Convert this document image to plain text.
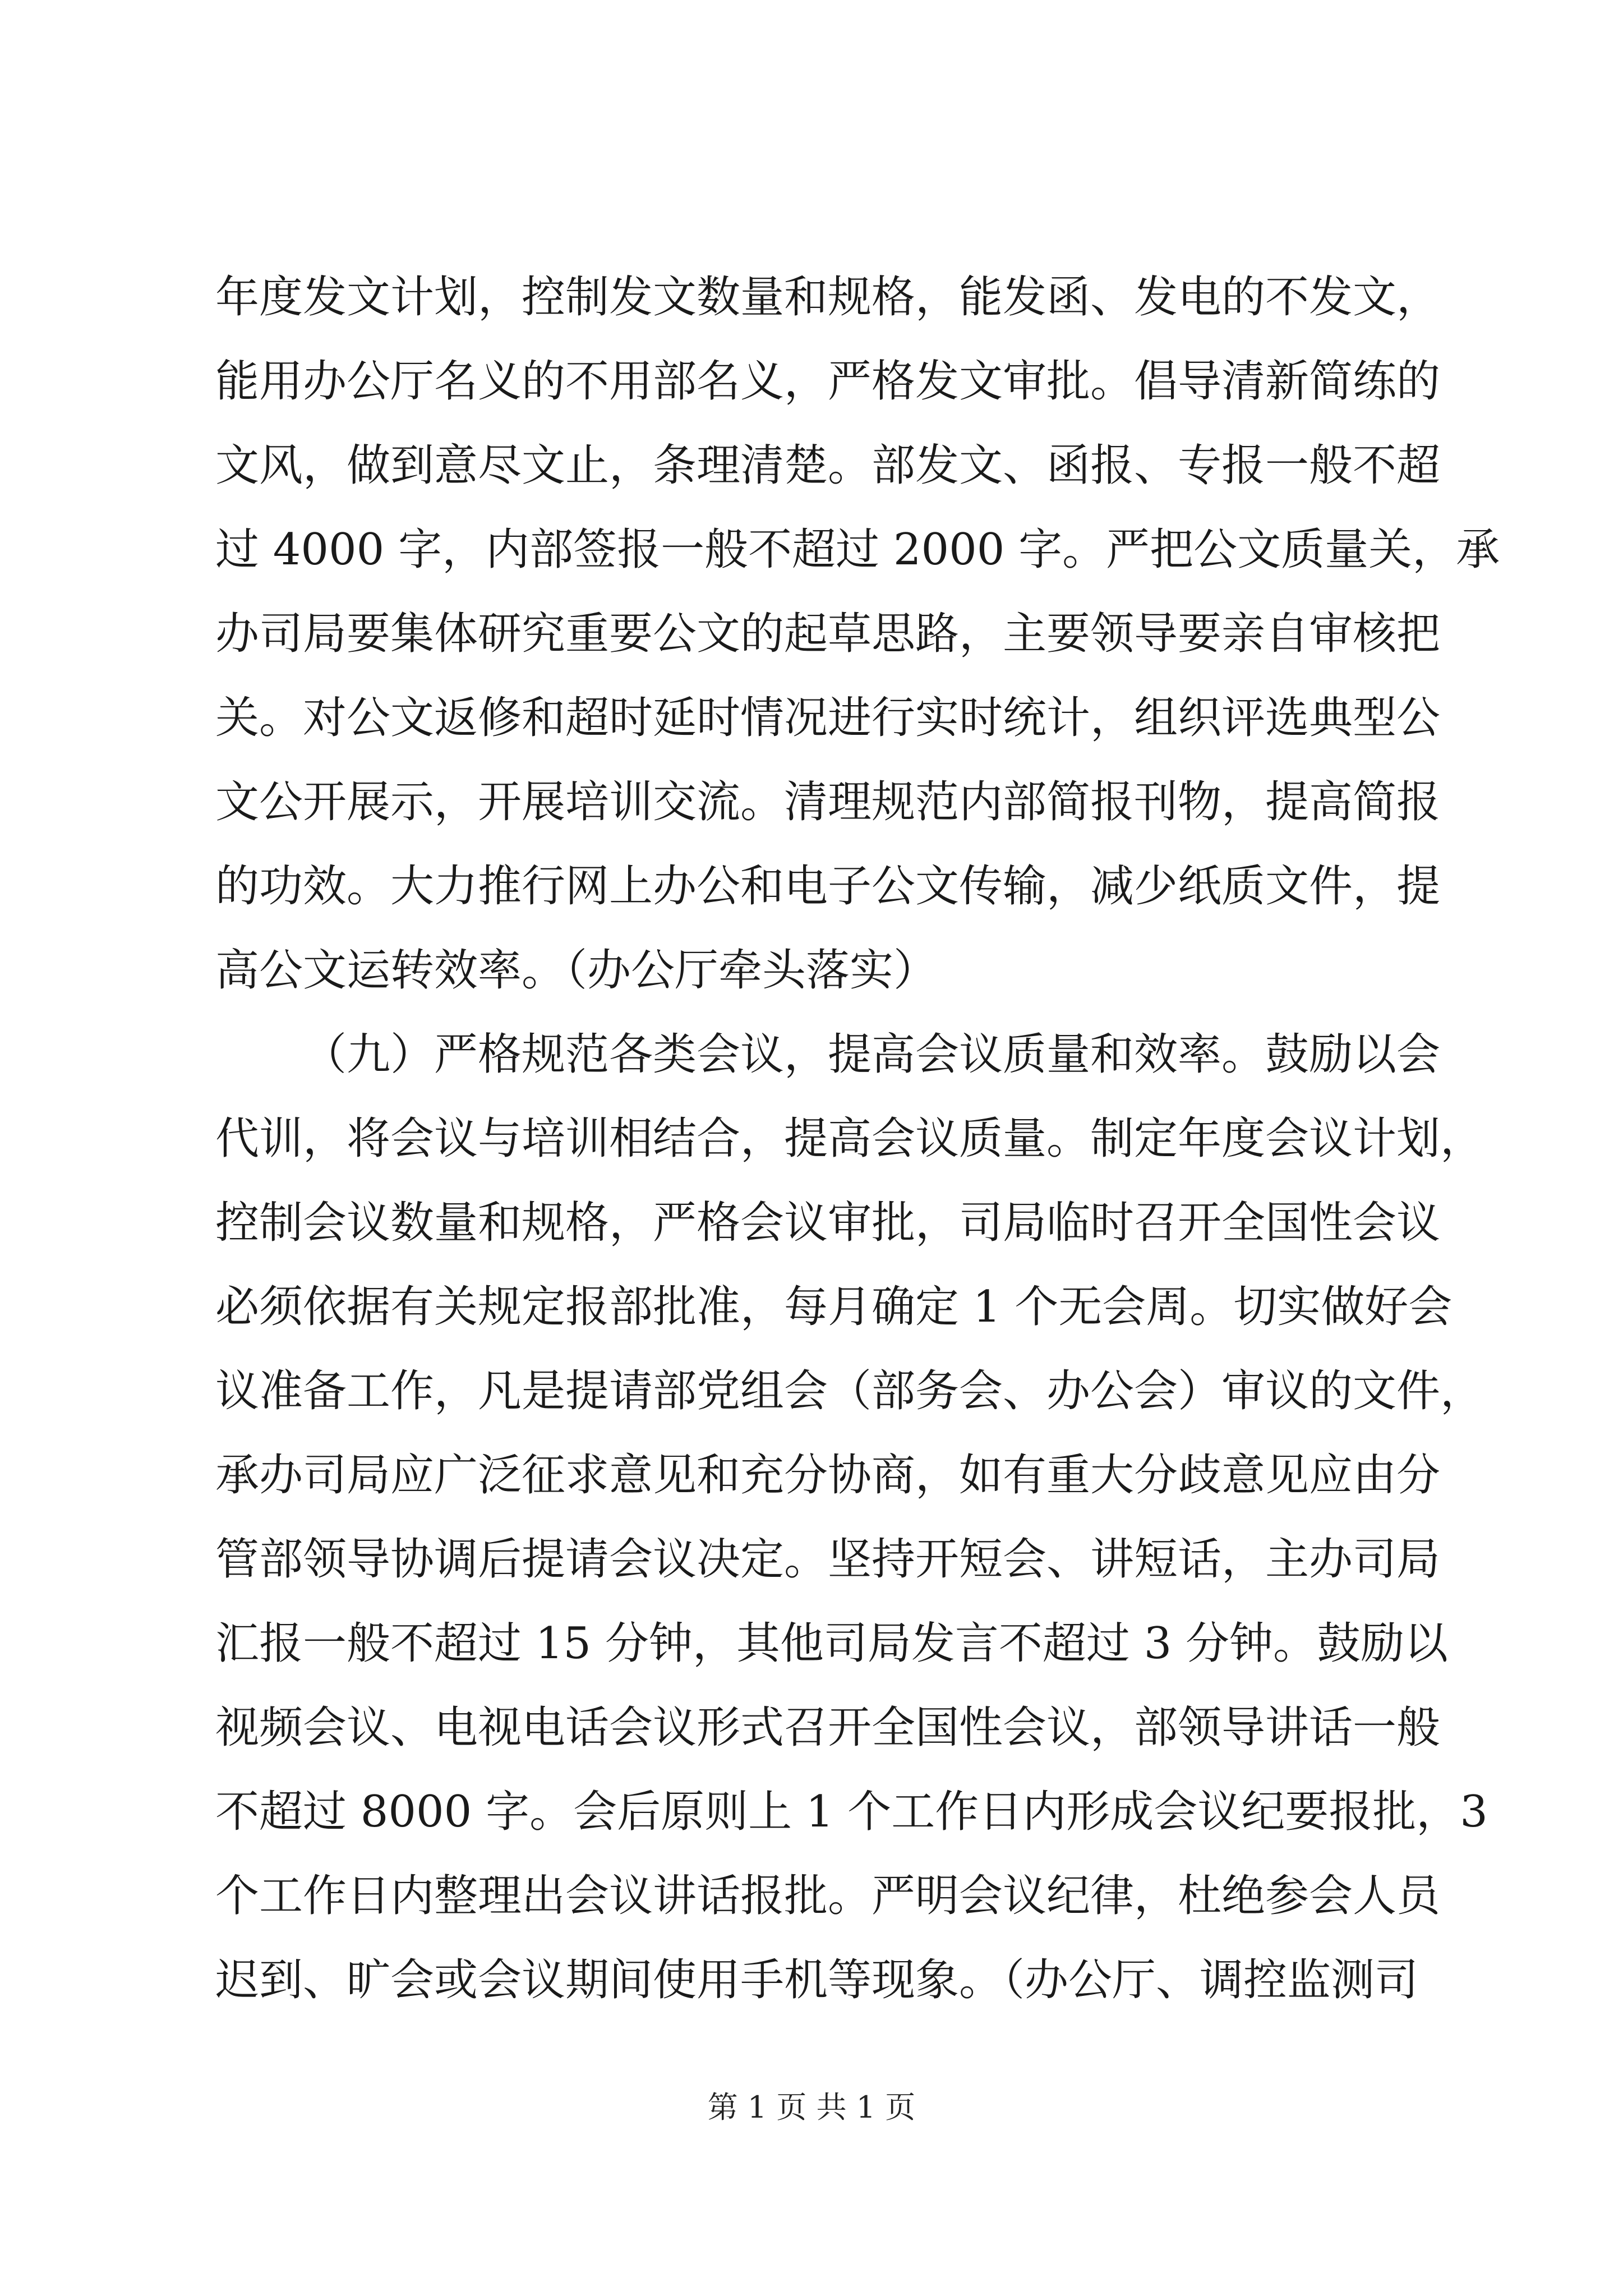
年度发文计划，控制发文数量和规格，能发函、发电的不发文，
能用办公厅名义的不用部名义，严格发文审批。倡导清新简练的
文风，做到意尽文止，条理清楚。部发文、函报、专报一般不超
过 4000 字，内部签报一般不超过 2000 字。严把公文质量关，承
办司局要集体研究重要公文的起草思路，主要领导要亲自审核把
关。对公文返修和超时延时情况进行实时统计，组织评选典型公
文公开展示，开展培训交流。清理规范内部简报刊物，提高简报
的功效。大力推行网上办公和电子公文传输，减少纸质文件，提
高公文运转效率。（办公厅牵头落实）
（九）严格规范各类会议，提高会议质量和效率。鼓励以会
代训，将会议与培训相结合，提高会议质量。制定年度会议计划，
控制会议数量和规格，严格会议审批，司局临时召开全国性会议
必须依据有关规定报部批准，每月确定 1 个无会周。切实做好会
议准备工作，凡是提请部党组会（部务会、办公会）审议的文件，
承办司局应广泛征求意见和充分协商，如有重大分歧意见应由分
管部领导协调后提请会议决定。坚持开短会、讲短话，主办司局
汇报一般不超过 15 分钟，其他司局发言不超过 3 分钟。鼓励以
视频会议、电视电话会议形式召开全国性会议，部领导讲话一般
不超过 8000 字。会后原则上 1 个工作日内形成会议纪要报批，3
个工作日内整理出会议讲话报批。严明会议纪律，杜绝参会人员
迟到、旷会或会议期间使用手机等现象。（办公厅、调控监测司
第 1 页 共 1 页
